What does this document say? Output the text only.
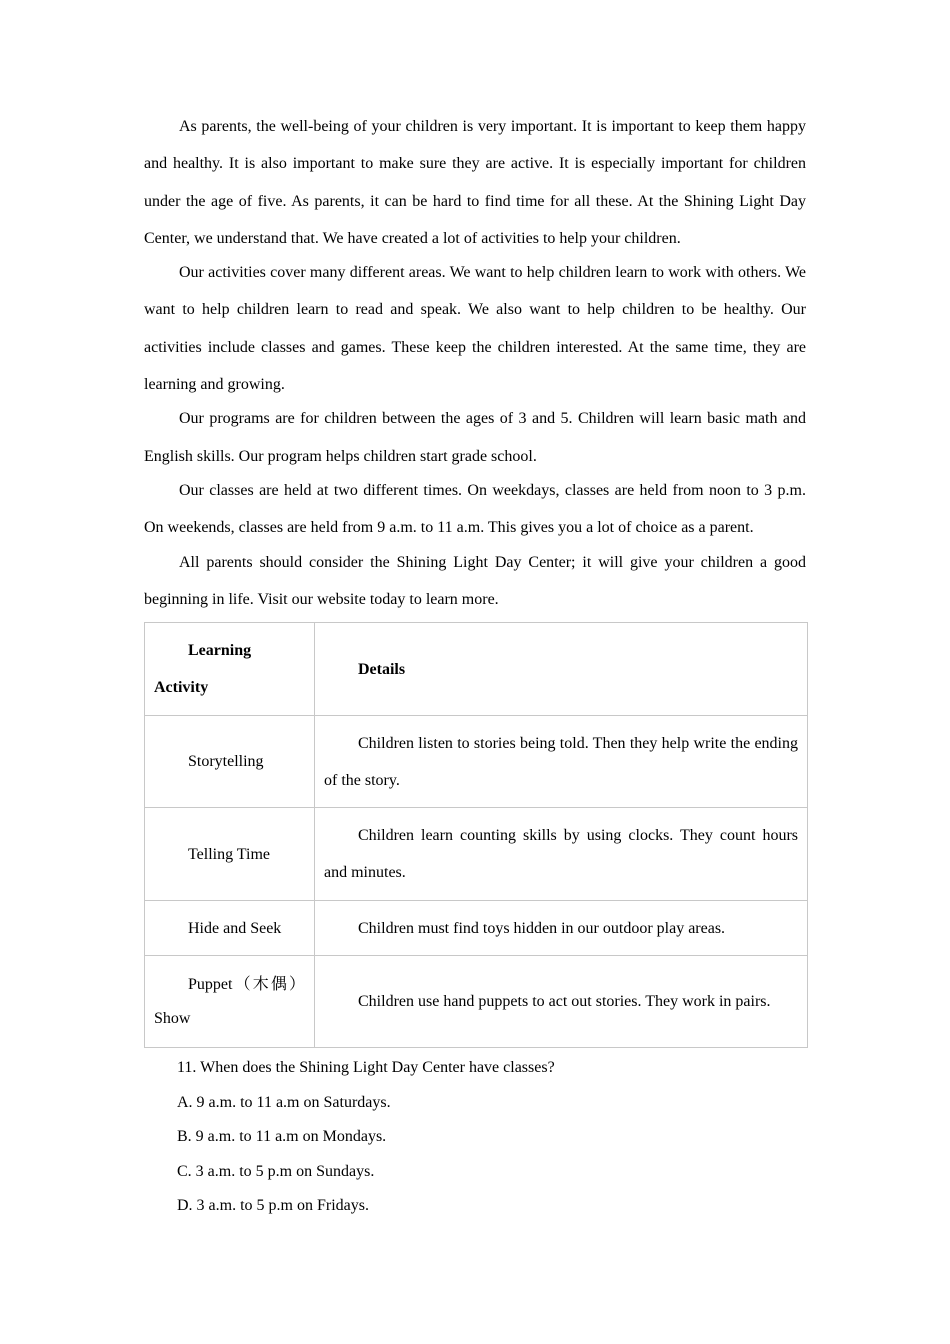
As parents, the well-being of your children is very important. It is important to keep them happy and healthy. It is also important to make sure they are active. It is especially important for children under the age of five. As parents, it can be hard to find time for all these. At the Shining Light Day Center, we understand that. We have created a lot of activities to help your children.

Our activities cover many different areas. We want to help children learn to work with others. We want to help children learn to read and speak. We also want to help children to be healthy. Our activities include classes and games. These keep the children interested. At the same time, they are learning and growing.

Our programs are for children between the ages of 3 and 5. Children will learn basic math and English skills. Our program helps children start grade school.

Our classes are held at two different times. On weekdays, classes are held from noon to 3 p.m. On weekends, classes are held from 9 a.m. to 11 a.m. This gives you a lot of choice as a parent.

All parents should consider the Shining Light Day Center; it will give your children a good beginning in life. Visit our website today to learn more.

Learning Activity	Details

Storytelling	Children listen to stories being told. Then they help write the ending of the story.

Telling Time	Children learn counting skills by using clocks. They count hours and minutes.

Hide and Seek	Children must find toys hidden in our outdoor play areas.

Puppet（木偶）Show	Children use hand puppets to act out stories. They work in pairs.

11. When does the Shining Light Day Center have classes?

A. 9 a.m. to 11 a.m on Saturdays.

B. 9 a.m. to 11 a.m on Mondays.

C. 3 a.m. to 5 p.m on Sundays.

D. 3 a.m. to 5 p.m on Fridays.
